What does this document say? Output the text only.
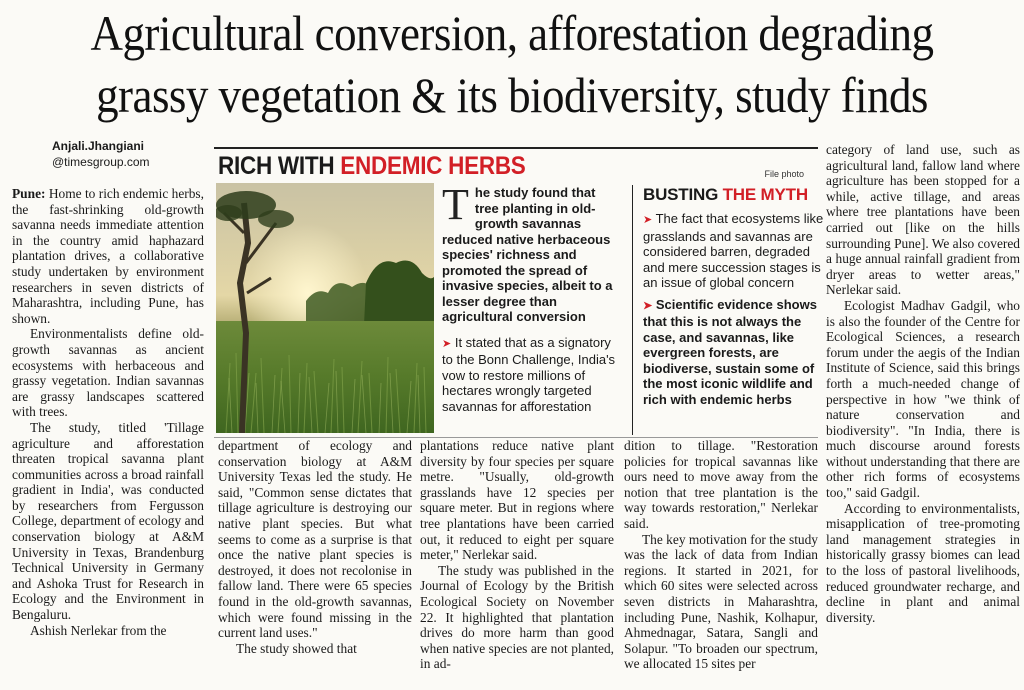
Agricultural conversion, afforestation degrading
grassy vegetation & its biodiversity, study finds
Anjali.Jhangiani
@timesgroup.com

Pune: Home to rich endemic herbs, the fast-shrinking old-growth savanna needs immediate attention in the country amid haphazard plantation drives, a collaborative study undertaken by environment researchers in seven districts of Maharashtra, including Pune, has shown.

Environmentalists define old-growth savannas as ancient ecosystems with herbaceous and grassy vegetation. Indian savannas are grassy landscapes scattered with trees.

The study, titled 'Tillage agriculture and afforestation threaten tropical savanna plant communities across a broad rainfall gradient in India', was conducted by researchers from Fergusson College, department of ecology and conservation biology at A&M University in Texas, Brandenburg Technical University in Germany and Ashoka Trust for Research in Ecology and the Environment in Bengaluru.

Ashish Nerlekar from the

RICH WITH ENDEMIC HERBS	File photo
T he study found that tree planting in old-growth savannas reduced native herbaceous species' richness and promoted the spread of invasive species, albeit to a lesser degree than agricultural conversion
➤ It stated that as a signatory to the Bonn Challenge, India's vow to restore millions of hectares wrongly targeted savannas for afforestation
BUSTING THE MYTH
➤ The fact that ecosystems like grasslands and savannas are considered barren, degraded and mere succession stages is an issue of global concern
➤ Scientific evidence shows that this is not always the case, and savannas, like evergreen forests, are biodiverse, sustain some of the most iconic wildlife and rich with endemic herbs

department of ecology and conservation biology at A&M University Texas led the study. He said, "Common sense dictates that tillage agriculture is destroying our native plant species. But what seems to come as a surprise is that once the native plant species is destroyed, it does not recolonise in fallow land. There were 65 species found in the old-growth savannas, which were found missing in the current land uses."

The study showed that

plantations reduce native plant diversity by four species per square metre. "Usually, old-growth grasslands have 12 species per square meter. But in regions where tree plantations have been carried out, it reduced to eight per square meter," Nerlekar said.

The study was published in the Journal of Ecology by the British Ecological Society on November 22. It highlighted that plantation drives do more harm than good when native species are not planted, in ad-

dition to tillage. "Restoration policies for tropical savannas like ours need to move away from the notion that tree plantation is the way towards restoration," Nerlekar said.

The key motivation for the study was the lack of data from Indian regions. It started in 2021, for which 60 sites were selected across seven districts in Maharashtra, including Pune, Nashik, Kolhapur, Ahmednagar, Satara, Sangli and Solapur. "To broaden our spectrum, we allocated 15 sites per

category of land use, such as agricultural land, fallow land where agriculture has been stopped for a while, active tillage, and areas where tree plantations have been carried out [like on the hills surrounding Pune]. We also covered a huge annual rainfall gradient from dryer areas to wetter areas," Nerlekar said.

Ecologist Madhav Gadgil, who is also the founder of the Centre for Ecological Sciences, a research forum under the aegis of the Indian Institute of Science, said this brings forth a much-needed change of perspective in how "we think of nature conservation and biodiversity". "In India, there is much discourse around forests without understanding that there are other rich forms of ecosystems too," said Gadgil.

According to environmentalists, misapplication of tree-promoting land management strategies in historically grassy biomes can lead to the loss of pastoral livelihoods, reduced groundwater recharge, and decline in plant and animal diversity.
